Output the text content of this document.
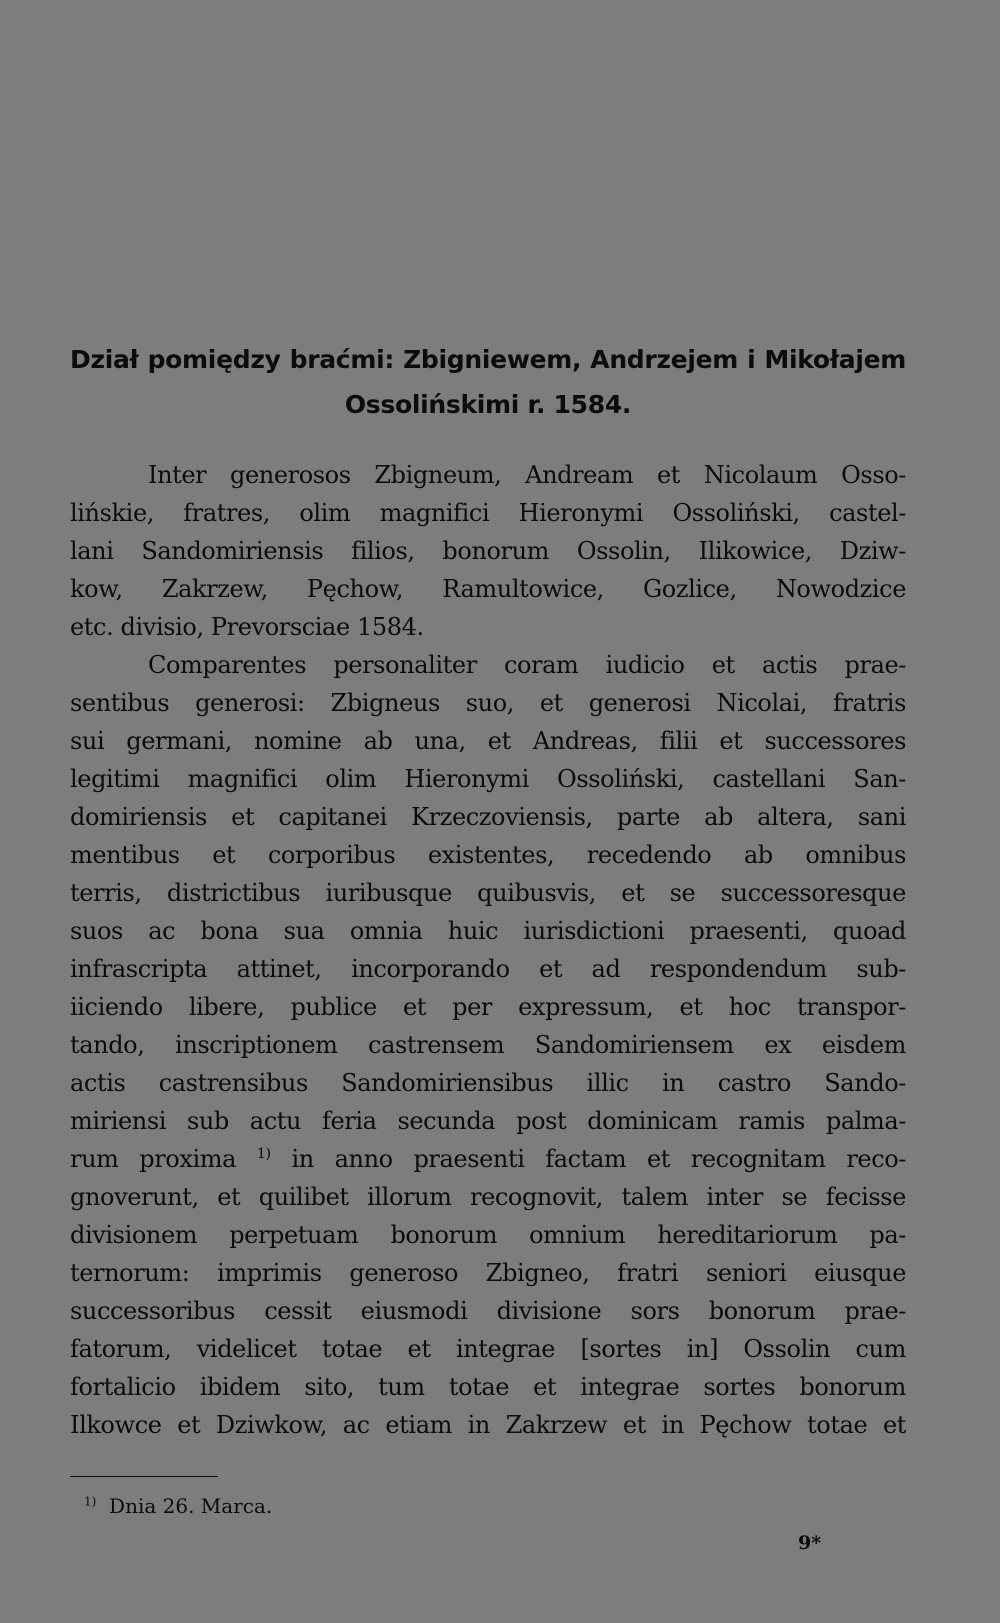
Dział pomiędzy braćmi: Zbigniewem, Andrzejem i Mikołajem
Ossolińskimi r. 1584.
Inter generosos Zbigneum, Andream et Nicolaum Osso-
lińskie, fratres, olim magnifici Hieronymi Ossoliński, castel-
lani Sandomiriensis filios, bonorum Ossolin, Ilikowice, Dziw-
kow, Zakrzew, Pęchow, Ramultowice, Gozlice, Nowodzice
etc. divisio, Prevorsciae 1584.
Comparentes personaliter coram iudicio et actis prae-
sentibus generosi: Zbigneus suo, et generosi Nicolai, fratris
sui germani, nomine ab una, et Andreas, filii et successores
legitimi magnifici olim Hieronymi Ossoliński, castellani San-
domiriensis et capitanei Krzeczoviensis, parte ab altera, sani
mentibus et corporibus existentes, recedendo ab omnibus
terris, districtibus iuribusque quibusvis, et se successoresque
suos ac bona sua omnia huic iurisdictioni praesenti, quoad
infrascripta attinet, incorporando et ad respondendum sub-
iiciendo libere, publice et per expressum, et hoc transpor-
tando, inscriptionem castrensem Sandomiriensem ex eisdem
actis castrensibus Sandomiriensibus illic in castro Sando-
miriensi sub actu feria secunda post dominicam ramis palma-
rum proxima $^{1)}$ in anno praesenti factam et recognitam reco-
gnoverunt, et quilibet illorum recognovit, talem inter se fecisse
divisionem perpetuam bonorum omnium hereditariorum pa-
ternorum: imprimis generoso Zbigneo, fratri seniori eiusque
successoribus cessit eiusmodi divisione sors bonorum prae-
fatorum, videlicet totae et integrae [sortes in] Ossolin cum
fortalicio ibidem sito, tum totae et integrae sortes bonorum
Ilkowce et Dziwkow, ac etiam in Zakrzew et in Pęchow totae et
$^{1)}$ Dnia 26. Marca.
9*
